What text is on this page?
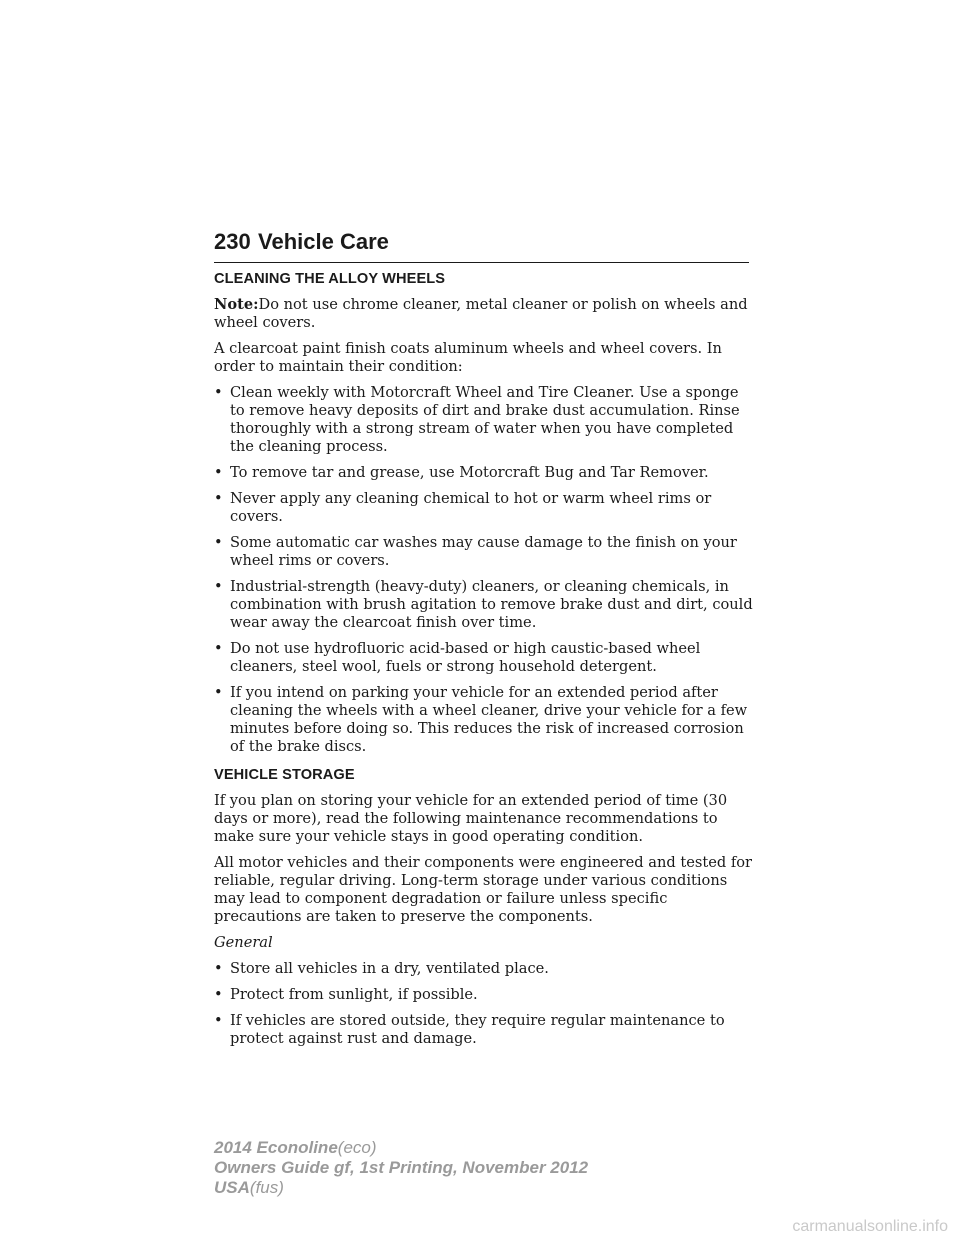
230 Vehicle Care
CLEANING THE ALLOY WHEELS

Note:Do not use chrome cleaner, metal cleaner or polish on wheels and wheel covers.

A clearcoat paint finish coats aluminum wheels and wheel covers. In order to maintain their condition:

• Clean weekly with Motorcraft Wheel and Tire Cleaner. Use a sponge to remove heavy deposits of dirt and brake dust accumulation. Rinse thoroughly with a strong stream of water when you have completed the cleaning process.
• To remove tar and grease, use Motorcraft Bug and Tar Remover.
• Never apply any cleaning chemical to hot or warm wheel rims or covers.
• Some automatic car washes may cause damage to the finish on your wheel rims or covers.
• Industrial-strength (heavy-duty) cleaners, or cleaning chemicals, in combination with brush agitation to remove brake dust and dirt, could wear away the clearcoat finish over time.
• Do not use hydrofluoric acid-based or high caustic-based wheel cleaners, steel wool, fuels or strong household detergent.
• If you intend on parking your vehicle for an extended period after cleaning the wheels with a wheel cleaner, drive your vehicle for a few minutes before doing so. This reduces the risk of increased corrosion of the brake discs.
VEHICLE STORAGE

If you plan on storing your vehicle for an extended period of time (30 days or more), read the following maintenance recommendations to make sure your vehicle stays in good operating condition.

All motor vehicles and their components were engineered and tested for reliable, regular driving. Long-term storage under various conditions may lead to component degradation or failure unless specific precautions are taken to preserve the components.

General

• Store all vehicles in a dry, ventilated place.
• Protect from sunlight, if possible.
• If vehicles are stored outside, they require regular maintenance to protect against rust and damage.
2014 Econoline(eco)
Owners Guide gf, 1st Printing, November 2012
USA(fus)
carmanualsonline.info
